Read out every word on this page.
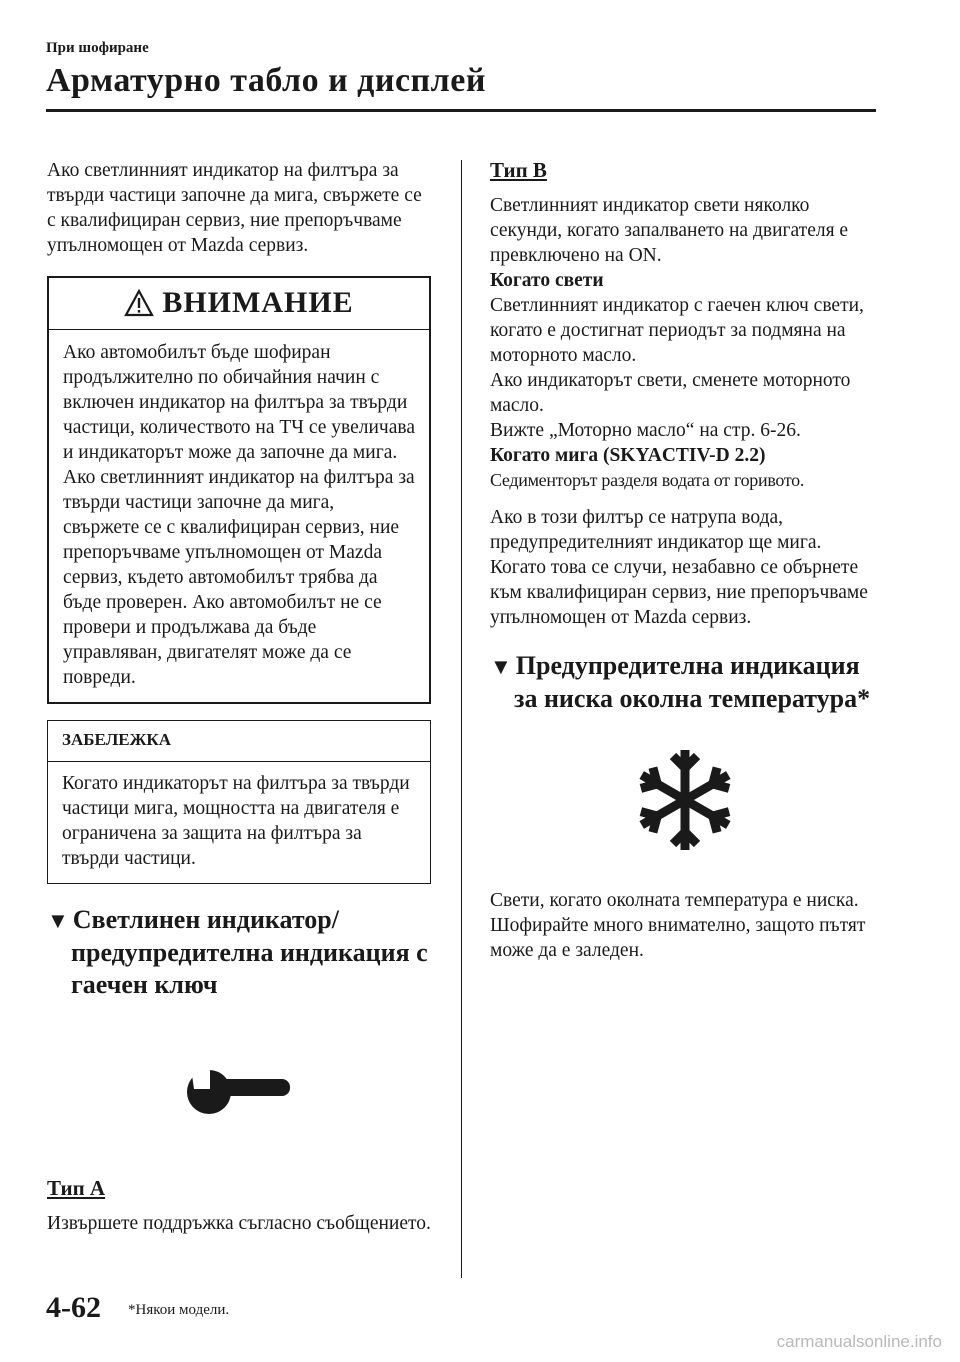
При шофиране
Арматурно табло и дисплей

Ако светлинният индикатор на филтъра за твърди частици започне да мига, свържете се с квалифициран сервиз, ние препоръчваме упълномощен от Mazda сервиз.

ВНИМАНИЕ

Ако автомобилът бъде шофиран продължително по обичайния начин с включен индикатор на филтъра за твърди частици, количеството на ТЧ се увеличава и индикаторът може да започне да мига. Ако светлинният индикатор на филтъра за твърди частици започне да мига, свържете се с квалифициран сервиз, ние препоръчваме упълномощен от Mazda сервиз, където автомобилът трябва да бъде проверен. Ако автомобилът не се провери и продължава да бъде управляван, двигателят може да се повреди.

ЗАБЕЛЕЖКА

Когато индикаторът на филтъра за твърди частици мига, мощността на двигателя е ограничена за защита на филтъра за твърди частици.

▼ Светлинен индикатор/ предупредителна индикация с гаечен ключ
Тип A

Извършете поддръжка съгласно съобщението.

Тип B

Светлинният индикатор свети няколко секунди, когато запалването на двигателя е превключено на ON.

Когато свети

Светлинният индикатор с гаечен ключ свети, когато е достигнат периодът за подмяна на моторното масло.

Ако индикаторът свети, сменете моторното масло.

Вижте „Моторно масло“ на стр. 6-26.

Когато мига (SKYACTIV-D 2.2)

Седиментoрът разделя водата от горивото.

Ако в този филтър се натрупа вода, предупредителният индикатор ще мига. Когато това се случи, незабавно се обърнете към квалифициран сервиз, ние препоръчваме упълномощен от Mazda сервиз.

▼ Предупредителна индикация за ниска околна температура*

Свети, когато околната температура е ниска.

Шофирайте много внимателно, защото пътят може да е заледен.

4-62 *Някои модели.
carmanualsonline.info
